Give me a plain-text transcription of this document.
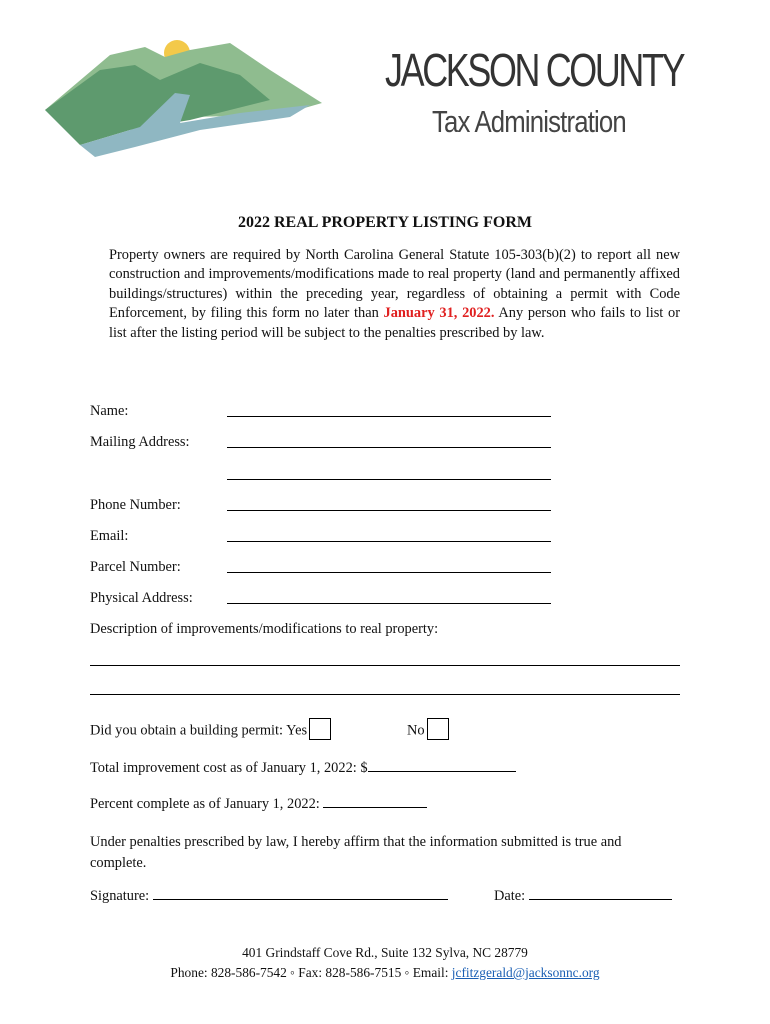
JACKSON COUNTY
Tax Administration
2022 REAL PROPERTY LISTING FORM

Property owners are required by North Carolina General Statute 105-303(b)(2) to report all new construction and improvements/modifications made to real property (land and permanently affixed buildings/structures) within the preceding year, regardless of obtaining a permit with Code Enforcement, by filing this form no later than January 31, 2022. Any person who fails to list or list after the listing period will be subject to the penalties prescribed by law.

Name:
Mailing Address:
Phone Number:
Email:
Parcel Number:
Physical Address:
Description of improvements/modifications to real property:
Did you obtain a building permit: Yes	No
Total improvement cost as of January 1, 2022: $
Percent complete as of January 1, 2022:

Under penalties prescribed by law, I hereby affirm that the information submitted is true and complete.

Signature:	Date:
401 Grindstaff Cove Rd., Suite 132 Sylva, NC 28779
Phone: 828-586-7542 ◦ Fax: 828-586-7515 ◦ Email: jcfitzgerald@jacksonnc.org
